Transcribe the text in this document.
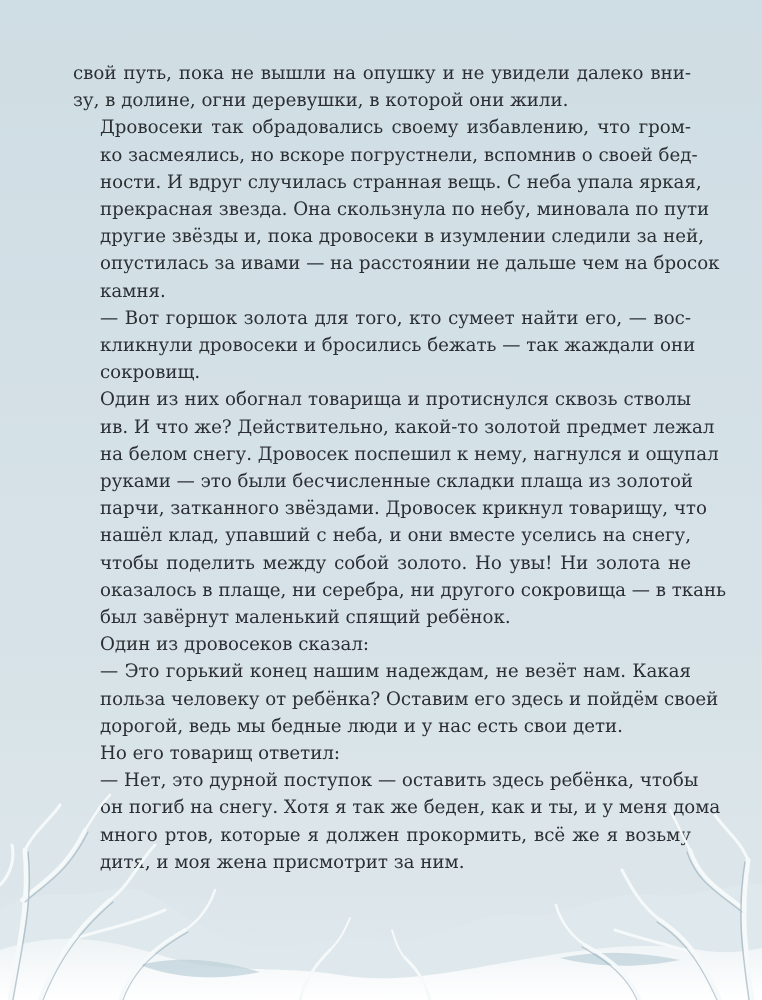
свой путь, пока не вышли на опушку и не увидели далеко вни-
зу, в долине, огни деревушки, в которой они жили.

Дровосеки так обрадовались своему избавлению, что гром-
ко засмеялись, но вскоре погрустнели, вспомнив о своей бед-
ности. И вдруг случилась странная вещь. С неба упала яркая,
прекрасная звезда. Она скользнула по небу, миновала по пути
другие звёзды и, пока дровосеки в изумлении следили за ней,
опустилась за ивами — на расстоянии не дальше чем на бросок
камня.

— Вот горшок золота для того, кто сумеет найти его, — вос-
кликнули дровосеки и бросились бежать — так жаждали они
сокровищ.

Один из них обогнал товарища и протиснулся сквозь стволы
ив. И что же? Действительно, какой-то золотой предмет лежал
на белом снегу. Дровосек поспешил к нему, нагнулся и ощупал
руками — это были бесчисленные складки плаща из золотой
парчи, затканного звёздами. Дровосек крикнул товарищу, что
нашёл клад, упавший с неба, и они вместе уселись на снегу,
чтобы поделить между собой золото. Но увы! Ни золота не
оказалось в плаще, ни серебра, ни другого сокровища — в ткань
был завёрнут маленький спящий ребёнок.

Один из дровосеков сказал:

— Это горький конец нашим надеждам, не везёт нам. Какая
польза человеку от ребёнка? Оставим его здесь и пойдём своей
дорогой, ведь мы бедные люди и у нас есть свои дети.

Но его товарищ ответил:

— Нет, это дурной поступок — оставить здесь ребёнка, чтобы
он погиб на снегу. Хотя я так же беден, как и ты, и у меня дома
много ртов, которые я должен прокормить, всё же я возьму
дитя, и моя жена присмотрит за ним.
